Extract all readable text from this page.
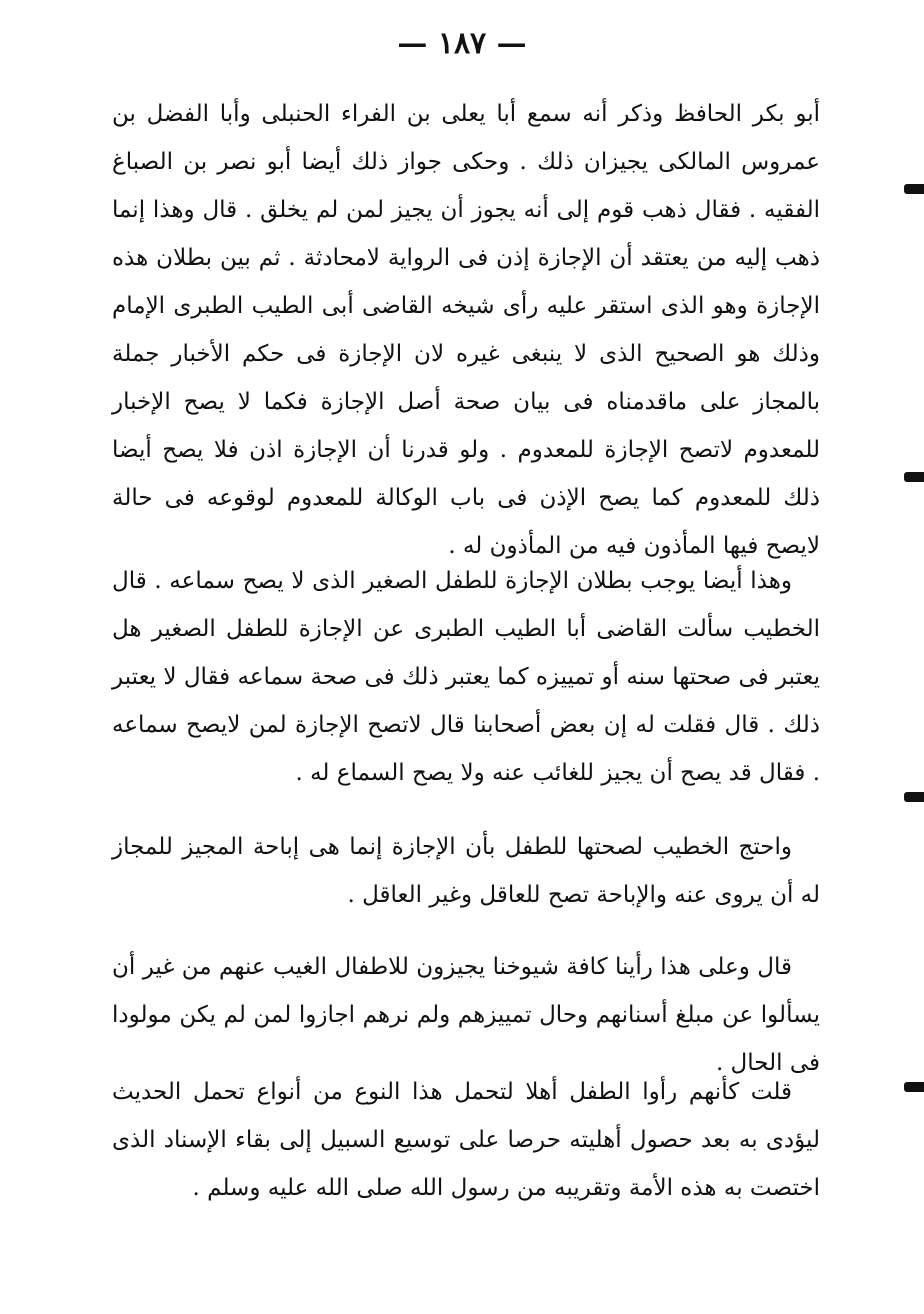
— ١٨٧ —

أبو بكر الحافظ وذكر أنه سمع أبا يعلى بن الفراء الحنبلى وأبا الفضل بن عمروس المالكى يجيزان ذلك . وحكى جواز ذلك أيضا أبو نصر بن الصباغ الفقيه . فقال ذهب قوم إلى أنه يجوز أن يجيز لمن لم يخلق . قال وهذا إنما ذهب إليه من يعتقد أن الإجازة إذن فى الرواية لامحادثة . ثم بين بطلان هذه الإجازة وهو الذى استقر عليه رأى شيخه القاضى أبى الطيب الطبرى الإمام وذلك هو الصحيح الذى لا ينبغى غيره لان الإجازة فى حكم الأخبار جملة بالمجاز على ماقدمناه فى بيان صحة أصل الإجازة فكما لا يصح الإخبار للمعدوم لاتصح الإجازة للمعدوم . ولو قدرنا أن الإجازة اذن فلا يصح أيضا ذلك للمعدوم كما يصح الإذن فى باب الوكالة للمعدوم لوقوعه فى حالة لايصح فيها المأذون فيه من المأذون له .

وهذا أيضا يوجب بطلان الإجازة للطفل الصغير الذى لا يصح سماعه . قال الخطيب سألت القاضى أبا الطيب الطبرى عن الإجازة للطفل الصغير هل يعتبر فى صحتها سنه أو تمييزه كما يعتبر ذلك فى صحة سماعه فقال لا يعتبر ذلك . قال فقلت له إن بعض أصحابنا قال لاتصح الإجازة لمن لايصح سماعه . فقال قد يصح أن يجيز للغائب عنه ولا يصح السماع له .

واحتج الخطيب لصحتها للطفل بأن الإجازة إنما هى إباحة المجيز للمجاز له أن يروى عنه والإباحة تصح للعاقل وغير العاقل .

قال وعلى هذا رأينا كافة شيوخنا يجيزون للاطفال الغيب عنهم من غير أن يسألوا عن مبلغ أسنانهم وحال تمييزهم ولم نرهم اجازوا لمن لم يكن مولودا فى الحال .

قلت كأنهم رأوا الطفل أهلا لتحمل هذا النوع من أنواع تحمل الحديث ليؤدى به بعد حصول أهليته حرصا على توسيع السبيل إلى بقاء الإسناد الذى اختصت به هذه الأمة وتقريبه من رسول الله صلى الله عليه وسلم .
